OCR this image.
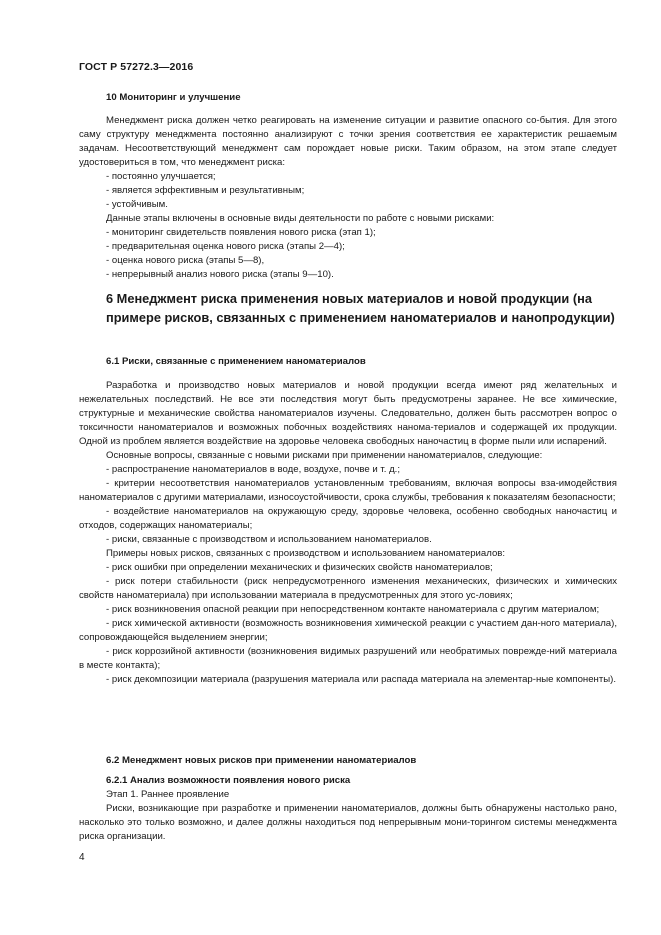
ГОСТ Р 57272.3—2016

10 Мониторинг и улучшение

Менеджмент риска должен четко реагировать на изменение ситуации и развитие опасного со-бытия. Для этого саму структуру менеджмента постоянно анализируют с точки зрения соответствия ее характеристик решаемым задачам. Несоответствующий менеджмент сам порождает новые риски. Таким образом, на этом этапе следует удостовериться в том, что менеджмент риска:

- постоянно улучшается;

- является эффективным и результативным;

- устойчивым.

Данные этапы включены в основные виды деятельности по работе с новыми рисками:

- мониторинг свидетельств появления нового риска (этап 1);

- предварительная оценка нового риска (этапы 2—4);

- оценка нового риска (этапы 5—8),

- непрерывный анализ нового риска (этапы 9—10).

6 Менеджмент риска применения новых материалов и новой продукции (на примере рисков, связанных с применением наноматериалов и нанопродукции)

6.1 Риски, связанные с применением наноматериалов

Разработка и производство новых материалов и новой продукции всегда имеют ряд желательных и нежелательных последствий. Не все эти последствия могут быть предусмотрены заранее. Не все химические, структурные и механические свойства наноматериалов изучены. Следовательно, должен быть рассмотрен вопрос о токсичности наноматериалов и возможных побочных воздействиях нанома-териалов и содержащей их продукции. Одной из проблем является воздействие на здоровье человека свободных наночастиц в форме пыли или испарений.

Основные вопросы, связанные с новыми рисками при применении наноматериалов, следующие:

- распространение наноматериалов в воде, воздухе, почве и т. д.;

- критерии несоответствия наноматериалов установленным требованиям, включая вопросы вза-имодействия наноматериалов с другими материалами, износоустойчивости, срока службы, требования к показателям безопасности;

- воздействие наноматериалов на окружающую среду, здоровье человека, особенно свободных наночастиц и отходов, содержащих наноматериалы;

- риски, связанные с производством и использованием наноматериалов.

Примеры новых рисков, связанных с производством и использованием наноматериалов:

- риск ошибки при определении механических и физических свойств наноматериалов;

- риск потери стабильности (риск непредусмотренного изменения механических, физических и химических свойств наноматериала) при использовании материала в предусмотренных для этого ус-ловиях;

- риск возникновения опасной реакции при непосредственном контакте наноматериала с другим материалом;

- риск химической активности (возможность возникновения химической реакции с участием дан-ного материала), сопровождающейся выделением энергии;

- риск коррозийной активности (возникновения видимых разрушений или необратимых поврежде-ний материала в месте контакта);

- риск декомпозиции материала (разрушения материала или распада материала на элементар-ные компоненты).

6.2 Менеджмент новых рисков при применении наноматериалов

6.2.1 Анализ возможности появления нового риска

Этап 1. Раннее проявление

Риски, возникающие при разработке и применении наноматериалов, должны быть обнаружены настолько рано, насколько это только возможно, и далее должны находиться под непрерывным мони-торингом системы менеджмента риска организации.

4
